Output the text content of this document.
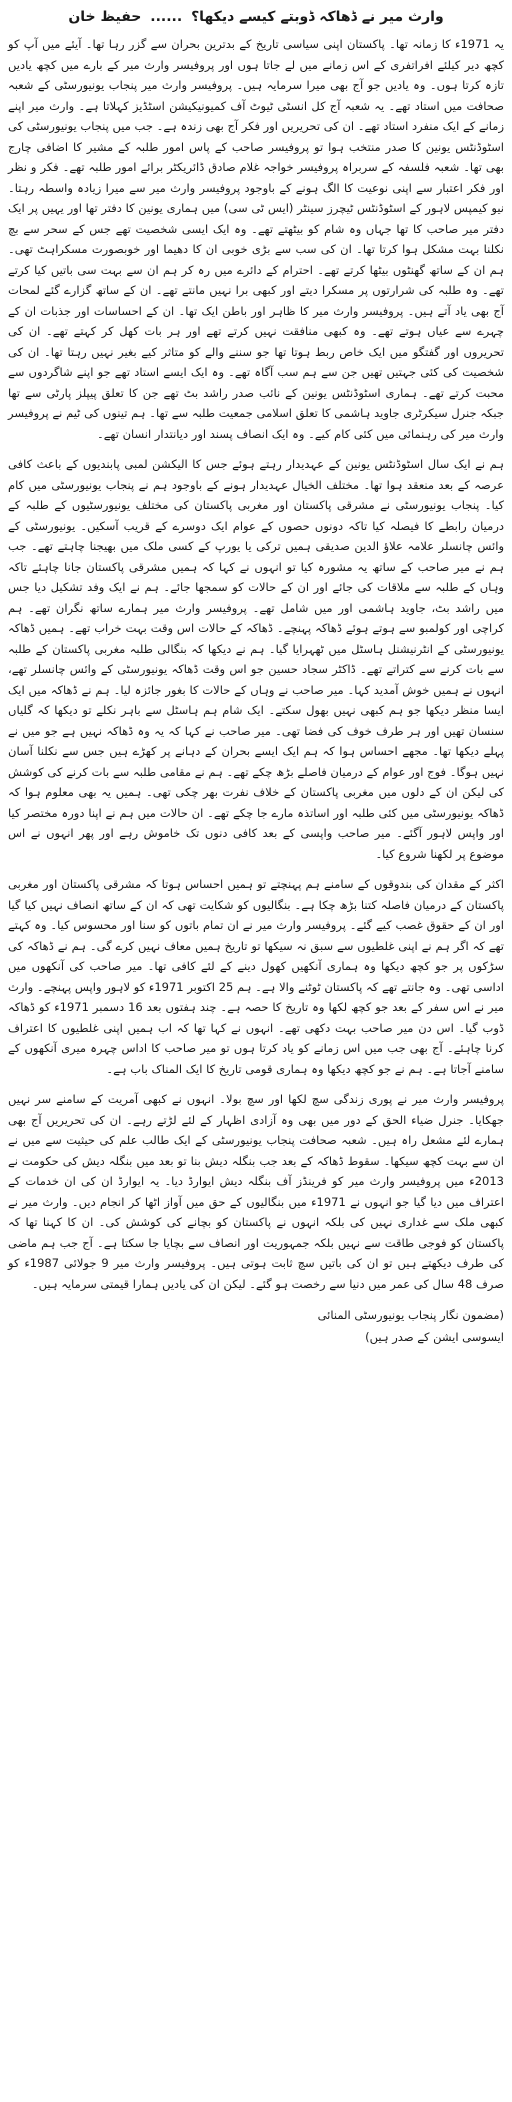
وارث میر نے ڈھاکہ ڈوبتے کیسے دیکھا؟ ...... حفیظ خان

یہ 1971ء کا زمانہ تھا۔ پاکستان اپنی سیاسی تاریخ کے بدترین بحران سے گزر رہا تھا۔ آیئے میں آپ کو کچھ دیر کیلئے افراتفری کے اس زمانے میں لے جاتا ہوں اور پروفیسر وارث میر کے بارے میں کچھ یادیں تازہ کرتا ہوں۔ وہ یادیں جو آج بھی میرا سرمایہ ہیں۔ پروفیسر وارث میر پنجاب یونیورسٹی کے شعبہ صحافت میں استاد تھے۔ یہ شعبہ آج کل انسٹی ٹیوٹ آف کمیونیکیشن اسٹڈیز کہلاتا ہے۔ وارث میر اپنے زمانے کے ایک منفرد استاد تھے۔ ان کی تحریریں اور فکر آج بھی زندہ ہے۔ جب میں پنجاب یونیورسٹی کی اسٹوڈنٹس یونین کا صدر منتخب ہوا تو پروفیسر صاحب کے پاس امور طلبہ کے مشیر کا اضافی چارج بھی تھا۔ شعبہ فلسفہ کے سربراہ پروفیسر خواجہ غلام صادق ڈائریکٹر برائے امور طلبہ تھے۔ فکر و نظر اور فکر اعتبار سے اپنی نوعیت کا الگ ہونے کے باوجود پروفیسر وارث میر سے میرا زیادہ واسطہ رہتا۔ نیو کیمپس لاہور کے اسٹوڈنٹس ٹیچرز سینٹر (ایس ٹی سی) میں ہماری یونین کا دفتر تھا اور یہیں پر ایک دفتر میر صاحب کا تھا جہاں وہ شام کو بیٹھتے تھے۔ وہ ایک ایسی شخصیت تھے جس کے سحر سے بچ نکلنا بہت مشکل ہوا کرتا تھا۔ ان کی سب سے بڑی خوبی ان کا دھیما اور خوبصورت مسکراہٹ تھی۔ ہم ان کے ساتھ گھنٹوں بیٹھا کرتے تھے۔ احترام کے دائرے میں رہ کر ہم ان سے بہت سی باتیں کیا کرتے تھے۔ وہ طلبہ کی شرارتوں پر مسکرا دیتے اور کبھی برا نہیں مانتے تھے۔ ان کے ساتھ گزارے گئے لمحات آج بھی یاد آتے ہیں۔ پروفیسر وارث میر کا ظاہر اور باطن ایک تھا۔ ان کے احساسات اور جذبات ان کے چہرے سے عیاں ہوتے تھے۔ وہ کبھی منافقت نہیں کرتے تھے اور ہر بات کھل کر کہتے تھے۔ ان کی تحریروں اور گفتگو میں ایک خاص ربط ہوتا تھا جو سننے والے کو متاثر کیے بغیر نہیں رہتا تھا۔ ان کی شخصیت کی کئی جہتیں تھیں جن سے ہم سب آگاہ تھے۔ وہ ایک ایسے استاد تھے جو اپنے شاگردوں سے محبت کرتے تھے۔ ہماری اسٹوڈنٹس یونین کے نائب صدر راشد بٹ تھے جن کا تعلق پیپلز پارٹی سے تھا جبکہ جنرل سیکرٹری جاوید ہاشمی کا تعلق اسلامی جمعیت طلبہ سے تھا۔ ہم تینوں کی ٹیم نے پروفیسر وارث میر کی رہنمائی میں کئی کام کیے۔ وہ ایک انصاف پسند اور دیانتدار انسان تھے۔

ہم نے ایک سال اسٹوڈنٹس یونین کے عہدیدار رہتے ہوئے جس کا الیکشن لمبی پابندیوں کے باعث کافی عرصہ کے بعد منعقد ہوا تھا۔ مختلف الخیال عہدیدار ہونے کے باوجود ہم نے پنجاب یونیورسٹی میں کام کیا۔ پنجاب یونیورسٹی نے مشرقی پاکستان اور مغربی پاکستان کی مختلف یونیورسٹیوں کے طلبہ کے درمیان رابطے کا فیصلہ کیا تاکہ دونوں حصوں کے عوام ایک دوسرے کے قریب آسکیں۔ یونیورسٹی کے وائس چانسلر علامہ علاؤ الدین صدیقی ہمیں ترکی یا یورپ کے کسی ملک میں بھیجنا چاہتے تھے۔ جب ہم نے میر صاحب کے ساتھ یہ مشورہ کیا تو انہوں نے کہا کہ ہمیں مشرقی پاکستان جانا چاہئے تاکہ وہاں کے طلبہ سے ملاقات کی جائے اور ان کے حالات کو سمجھا جائے۔ ہم نے ایک وفد تشکیل دیا جس میں راشد بٹ، جاوید ہاشمی اور میں شامل تھے۔ پروفیسر وارث میر ہمارے ساتھ نگران تھے۔ ہم کراچی اور کولمبو سے ہوتے ہوئے ڈھاکہ پہنچے۔ ڈھاکہ کے حالات اس وقت بہت خراب تھے۔ ہمیں ڈھاکہ یونیورسٹی کے انٹرنیشنل ہاسٹل میں ٹھہرایا گیا۔ ہم نے دیکھا کہ بنگالی طلبہ مغربی پاکستان کے طلبہ سے بات کرنے سے کتراتے تھے۔ ڈاکٹر سجاد حسین جو اس وقت ڈھاکہ یونیورسٹی کے وائس چانسلر تھے، انہوں نے ہمیں خوش آمدید کہا۔ میر صاحب نے وہاں کے حالات کا بغور جائزہ لیا۔ ہم نے ڈھاکہ میں ایک ایسا منظر دیکھا جو ہم کبھی نہیں بھول سکتے۔ ایک شام ہم ہاسٹل سے باہر نکلے تو دیکھا کہ گلیاں سنسان تھیں اور ہر طرف خوف کی فضا تھی۔ میر صاحب نے کہا کہ یہ وہ ڈھاکہ نہیں ہے جو میں نے پہلے دیکھا تھا۔ مجھے احساس ہوا کہ ہم ایک ایسے بحران کے دہانے پر کھڑے ہیں جس سے نکلنا آسان نہیں ہوگا۔ فوج اور عوام کے درمیان فاصلے بڑھ چکے تھے۔ ہم نے مقامی طلبہ سے بات کرنے کی کوشش کی لیکن ان کے دلوں میں مغربی پاکستان کے خلاف نفرت بھر چکی تھی۔ ہمیں یہ بھی معلوم ہوا کہ ڈھاکہ یونیورسٹی میں کئی طلبہ اور اساتذہ مارے جا چکے تھے۔ ان حالات میں ہم نے اپنا دورہ مختصر کیا اور واپس لاہور آگئے۔ میر صاحب واپسی کے بعد کافی دنوں تک خاموش رہے اور پھر انہوں نے اس موضوع پر لکھنا شروع کیا۔

اکثر کے مقدان کی بندوقوں کے سامنے ہم پہنچتے تو ہمیں احساس ہوتا کہ مشرقی پاکستان اور مغربی پاکستان کے درمیان فاصلہ کتنا بڑھ چکا ہے۔ بنگالیوں کو شکایت تھی کہ ان کے ساتھ انصاف نہیں کیا گیا اور ان کے حقوق غصب کیے گئے۔ پروفیسر وارث میر نے ان تمام باتوں کو سنا اور محسوس کیا۔ وہ کہتے تھے کہ اگر ہم نے اپنی غلطیوں سے سبق نہ سیکھا تو تاریخ ہمیں معاف نہیں کرے گی۔ ہم نے ڈھاکہ کی سڑکوں پر جو کچھ دیکھا وہ ہماری آنکھیں کھول دینے کے لئے کافی تھا۔ میر صاحب کی آنکھوں میں اداسی تھی۔ وہ جانتے تھے کہ پاکستان ٹوٹنے والا ہے۔ ہم 25 اکتوبر 1971ء کو لاہور واپس پہنچے۔ وارث میر نے اس سفر کے بعد جو کچھ لکھا وہ تاریخ کا حصہ ہے۔ چند ہفتوں بعد 16 دسمبر 1971ء کو ڈھاکہ ڈوب گیا۔ اس دن میر صاحب بہت دکھی تھے۔ انہوں نے کہا تھا کہ اب ہمیں اپنی غلطیوں کا اعتراف کرنا چاہئے۔ آج بھی جب میں اس زمانے کو یاد کرتا ہوں تو میر صاحب کا اداس چہرہ میری آنکھوں کے سامنے آجاتا ہے۔ ہم نے جو کچھ دیکھا وہ ہماری قومی تاریخ کا ایک المناک باب ہے۔

پروفیسر وارث میر نے پوری زندگی سچ لکھا اور سچ بولا۔ انہوں نے کبھی آمریت کے سامنے سر نہیں جھکایا۔ جنرل ضیاء الحق کے دور میں بھی وہ آزادی اظہار کے لئے لڑتے رہے۔ ان کی تحریریں آج بھی ہمارے لئے مشعل راہ ہیں۔ شعبہ صحافت پنجاب یونیورسٹی کے ایک طالب علم کی حیثیت سے میں نے ان سے بہت کچھ سیکھا۔ سقوط ڈھاکہ کے بعد جب بنگلہ دیش بنا تو بعد میں بنگلہ دیش کی حکومت نے 2013ء میں پروفیسر وارث میر کو فرینڈز آف بنگلہ دیش ایوارڈ دیا۔ یہ ایوارڈ ان کی ان خدمات کے اعتراف میں دیا گیا جو انہوں نے 1971ء میں بنگالیوں کے حق میں آواز اٹھا کر انجام دیں۔ وارث میر نے کبھی ملک سے غداری نہیں کی بلکہ انہوں نے پاکستان کو بچانے کی کوشش کی۔ ان کا کہنا تھا کہ پاکستان کو فوجی طاقت سے نہیں بلکہ جمہوریت اور انصاف سے بچایا جا سکتا ہے۔ آج جب ہم ماضی کی طرف دیکھتے ہیں تو ان کی باتیں سچ ثابت ہوتی ہیں۔ پروفیسر وارث میر 9 جولائی 1987ء کو صرف 48 سال کی عمر میں دنیا سے رخصت ہو گئے۔ لیکن ان کی یادیں ہمارا قیمتی سرمایہ ہیں۔

(مضمون نگار پنجاب یونیورسٹی المنائی
ایسوسی ایشن کے صدر ہیں)
